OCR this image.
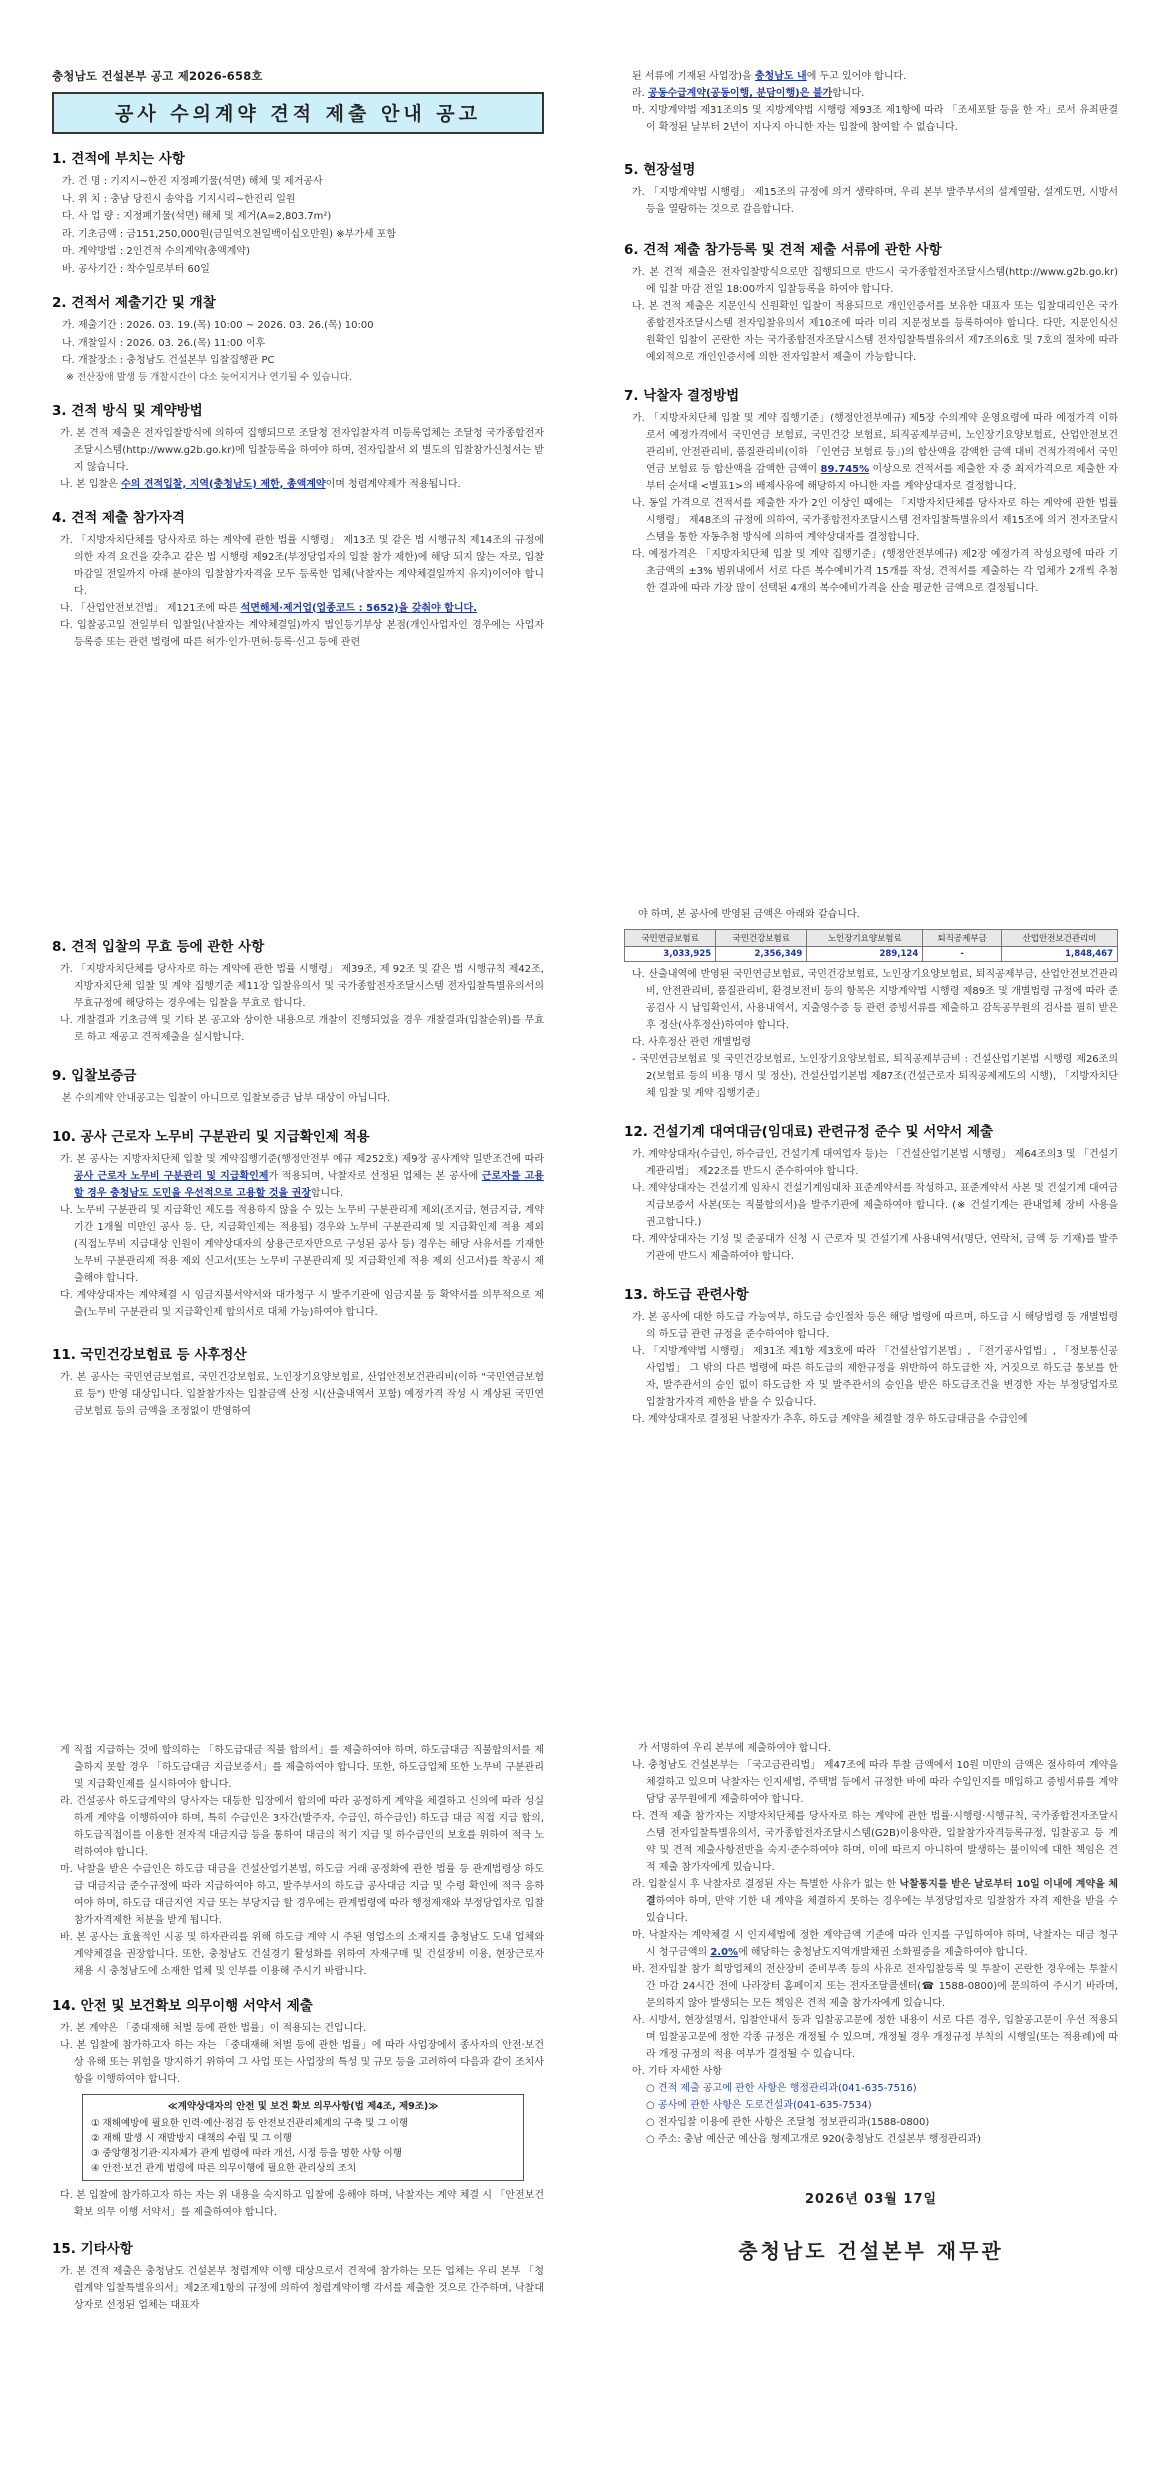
충청남도 건설본부 공고 제2026-658호
공사 수의계약 견적 제출 안내 공고
1. 견적에 부치는 사항
가. 건 명 : 기지시~한진 지정폐기물(석면) 해체 및 제거공사
나. 위 치 : 충남 당진시 송악읍 기지시리~한진리 일원
다. 사 업 량 : 지정폐기물(석면) 해체 및 제거(A=2,803.7m²)
라. 기초금액 : 금151,250,000원(금일억오천일백이십오만원) ※부가세 포함
마. 계약방법 : 2인견적 수의계약(총액계약)
바. 공사기간 : 착수일로부터 60일
2. 견적서 제출기간 및 개찰
가. 제출기간 : 2026. 03. 19.(목) 10:00 ~ 2026. 03. 26.(목) 10:00
나. 개찰일시 : 2026. 03. 26.(목) 11:00 이후
다. 개찰장소 : 충청남도 건설본부 입찰집행관 PC
※ 전산장애 발생 등 개찰시간이 다소 늦어지거나 연기될 수 있습니다.
3. 견적 방식 및 계약방법
가. 본 견적 제출은 전자입찰방식에 의하여 집행되므로 조달청 전자입찰자격 미등록업체는 조달청 국가종합전자조달시스템(http://www.g2b.go.kr)에 입찰등록을 하여야 하며, 전자입찰서 외 별도의 입찰참가신청서는 받지 않습니다.
나. 본 입찰은 수의 견적입찰, 지역(충청남도) 제한, 총액계약이며 청렴계약제가 적용됩니다.
4. 견적 제출 참가자격
가. 「지방자치단체를 당사자로 하는 계약에 관한 법률 시행령」 제13조 및 같은 법 시행규칙 제14조의 규정에 의한 자격 요건을 갖추고 같은 법 시행령 제92조(부정당업자의 입찰 참가 제한)에 해당 되지 않는 자로, 입찰마감일 전일까지 아래 분야의 입찰참가자격을 모두 등록한 업체(낙찰자는 계약체결일까지 유지)이어야 합니다.
나. 「산업안전보건법」 제121조에 따른 석면해체·제거업(업종코드 : 5652)을 갖춰야 합니다.
다. 입찰공고일 전일부터 입찰일(낙찰자는 계약체결일)까지 법인등기부상 본점(개인사업자인 경우에는 사업자등록증 또는 관련 법령에 따른 허가·인가·면허·등록·신고 등에 관련
된 서류에 기재된 사업장)을 충청남도 내에 두고 있어야 합니다.
라. 공동수급계약(공동이행, 분담이행)은 불가합니다.
마. 지방계약법 제31조의5 및 지방계약법 시행령 제93조 제1항에 따라 「조세포탈 등을 한 자」로서 유죄판결이 확정된 날부터 2년이 지나지 아니한 자는 입찰에 참여할 수 없습니다.
5. 현장설명
가. 「지방계약법 시행령」 제15조의 규정에 의거 생략하며, 우리 본부 발주부서의 설계열람, 설계도면, 시방서 등을 열람하는 것으로 갈음합니다.
6. 견적 제출 참가등록 및 견적 제출 서류에 관한 사항
가. 본 견적 제출은 전자입찰방식으로만 집행되므로 반드시 국가종합전자조달시스템(http://www.g2b.go.kr)에 입찰 마감 전일 18:00까지 입찰등록을 하여야 합니다.
나. 본 견적 제출은 지문인식 신원확인 입찰이 적용되므로 개인인증서를 보유한 대표자 또는 입찰대리인은 국가종합전자조달시스템 전자입찰유의서 제10조에 따라 미리 지문정보를 등록하여야 합니다. 다만, 지문인식신원확인 입찰이 곤란한 자는 국가종합전자조달시스템 전자입찰특별유의서 제7조의6호 및 7호의 절차에 따라 예외적으로 개인인증서에 의한 전자입찰서 제출이 가능합니다.
7. 낙찰자 결정방법
가. 「지방자치단체 입찰 및 계약 집행기준」(행정안전부예규) 제5장 수의계약 운영요령에 따라 예정가격 이하로서 예정가격에서 국민연금 보험료, 국민건강 보험료, 퇴직공제부금비, 노인장기요양보험료, 산업안전보건관리비, 안전관리비, 품질관리비(이하 「인연금 보험료 등」)의 합산액을 감액한 금액 대비 견적가격에서 국민연금 보험료 등 합산액을 감액한 금액이 89.745% 이상으로 견적서를 제출한 자 중 최저가격으로 제출한 자부터 순서대 <별표1>의 배제사유에 해당하지 아니한 자를 계약상대자로 결정합니다.
나. 동일 가격으로 견적서를 제출한 자가 2인 이상인 때에는 「지방자치단체를 당사자로 하는 계약에 관한 법률 시행령」 제48조의 규정에 의하여, 국가종합전자조달시스템 전자입찰특별유의서 제15조에 의거 전자조달시스템을 통한 자동추첨 방식에 의하여 계약상대자를 결정합니다.
다. 예정가격은 「지방자치단체 입찰 및 계약 집행기준」(행정안전부예규) 제2장 예정가격 작성요령에 따라 기초금액의 ±3% 범위내에서 서로 다른 복수예비가격 15개를 작성, 견적서를 제출하는 각 업체가 2개씩 추첨한 결과에 따라 가장 많이 선택된 4개의 복수예비가격을 산술 평균한 금액으로 결정됩니다.
8. 견적 입찰의 무효 등에 관한 사항
가. 「지방자치단체를 당사자로 하는 계약에 관한 법률 시행령」 제39조, 제 92조 및 같은 법 시행규칙 제42조, 지방자치단체 입찰 및 계약 집행기준 제11장 입찰유의서 및 국가종합전자조달시스템 전자입찰특별유의서의 무효규정에 해당하는 경우에는 입찰을 무효로 합니다.
나. 개찰결과 기초금액 및 기타 본 공고와 상이한 내용으로 개찰이 진행되었을 경우 개찰결과(입찰순위)를 무효로 하고 재공고 견적제출을 실시합니다.
9. 입찰보증금
본 수의계약 안내공고는 입찰이 아니므로 입찰보증금 납부 대상이 아닙니다.
10. 공사 근로자 노무비 구분관리 및 지급확인제 적용
가. 본 공사는 지방자치단체 입찰 및 계약집행기준(행정안전부 예규 제252호) 제9장 공사계약 일반조건에 따라 공사 근로자 노무비 구분관리 및 지급확인제가 적용되며, 낙찰자로 선정된 업체는 본 공사에 근로자를 고용할 경우 충청남도 도민을 우선적으로 고용할 것을 권장합니다.
나. 노무비 구분관리 및 지급확인 제도를 적용하지 않을 수 있는 노무비 구분관리제 제외(조지급, 현금지급, 계약기간 1개월 미만인 공사 등. 단, 지급확인제는 적용됨) 경우와 노무비 구분관리제 및 지급확인제 적용 제외(직접노무비 지급대상 인원이 계약상대자의 상용근로자만으로 구성된 공사 등) 경우는 해당 사유서를 기재한 노무비 구분관리제 적용 제외 신고서(또는 노무비 구분관리제 및 지급확인제 적용 제외 신고서)를 착공시 제출해야 합니다.
다. 계약상대자는 계약체결 시 임금지불서약서와 대가청구 시 발주기관에 임금지불 등 확약서를 의무적으로 제출(노무비 구분관리 및 지급확인제 합의서로 대체 가능)하여야 합니다.
11. 국민건강보험료 등 사후정산
가. 본 공사는 국민연금보험료, 국민건강보험료, 노인장기요양보험료, 산업안전보건관리비(이하 "국민연금보험료 등") 반영 대상입니다. 입찰참가자는 입찰금액 산정 시(산출내역서 포함) 예정가격 작성 시 계상된 국민연금보험료 등의 금액을 조정없이 반영하여
야 하며, 본 공사에 반영된 금액은 아래와 같습니다.
국민연금보험료	국민건강보험료	노인장기요양보험료	퇴직공제부금	산업안전보건관리비
3,033,925	2,356,349	289,124	-	1,848,467
나. 산출내역에 반영된 국민연금보험료, 국민건강보험료, 노인장기요양보험료, 퇴직공제부금, 산업안전보건관리비, 안전관리비, 품질관리비, 환경보전비 등의 항목은 지방계약법 시행령 제89조 및 개별법령 규정에 따라 준공검사 시 납입확인서, 사용내역서, 지출영수증 등 관련 증빙서류를 제출하고 감독공무원의 검사를 필히 받은 후 정산(사후정산)하여야 합니다.
다. 사후정산 관련 개별법령
- 국민연금보험료 및 국민건강보험료, 노인장기요양보험료, 퇴직공제부금비 : 건설산업기본법 시행령 제26조의2(보험료 등의 비용 명시 및 정산), 건설산업기본법 제87조(건설근로자 퇴직공제제도의 시행), 「지방자치단체 입찰 및 계약 집행기준」
12. 건설기계 대여대금(임대료) 관련규정 준수 및 서약서 제출
가. 계약상대자(수급인, 하수급인, 건설기계 대여업자 등)는 「건설산업기본법 시행령」 제64조의3 및 「건설기계관리법」 제22조를 반드시 준수하여야 합니다.
나. 계약상대자는 건설기계 임차시 건설기계임대차 표준계약서를 작성하고, 표준계약서 사본 및 건설기계 대여금 지급보증서 사본(또는 직불합의서)을 발주기관에 제출하여야 합니다. (※ 건설기계는 관내업체 장비 사용을 권고합니다.)
다. 계약상대자는 기성 및 준공대가 신청 시 근로자 및 건설기계 사용내역서(명단, 연락처, 금액 등 기재)를 발주기관에 반드시 제출하여야 합니다.
13. 하도급 관련사항
가. 본 공사에 대한 하도급 가능여부, 하도급 승인절차 등은 해당 법령에 따르며, 하도급 시 해당법령 등 개별법령의 하도급 관련 규정을 준수하여야 합니다.
나. 「지방계약법 시행령」 제31조 제1항 제3호에 따라 「건설산업기본법」, 「전기공사업법」, 「정보통신공사업법」 그 밖의 다른 법령에 따른 하도급의 제한규정을 위반하여 하도급한 자, 거짓으로 하도급 통보를 한 자, 발주관서의 승인 없이 하도급한 자 및 발주관서의 승인을 받은 하도급조건을 변경한 자는 부정당업자로 입찰참가자격 제한을 받을 수 있습니다.
다. 계약상대자로 결정된 낙찰자가 추후, 하도급 계약을 체결할 경우 하도급대금을 수급인에
게 직접 지급하는 것에 합의하는 「하도급대금 직불 합의서」를 제출하여야 하며, 하도급대금 직불합의서를 제출하지 못할 경우 「하도급대금 지급보증서」를 제출하여야 합니다. 또한, 하도급업체 또한 노무비 구분관리 및 지급확인제를 실시하여야 합니다.
라. 건설공사 하도급계약의 당사자는 대등한 입장에서 합의에 따라 공정하게 계약을 체결하고 신의에 따라 성실하게 계약을 이행하여야 하며, 특히 수급인은 3자간(발주자, 수급인, 하수급인) 하도급 대금 직접 지급 합의, 하도급직접이를 이용한 전자적 대금지급 등을 통하여 대금의 적기 지급 및 하수급인의 보호를 위하여 적극 노력하여야 합니다.
마. 낙찰을 받은 수급인은 하도급 대금을 건설산업기본법, 하도급 거래 공정화에 관한 법률 등 관계법령상 하도급 대금지급 준수규정에 따라 지급하여야 하고, 발주부서의 하도급 공사대금 지급 및 수령 확인에 적극 응하여야 하며, 하도급 대금지연 지급 또는 부당지급 할 경우에는 관계법령에 따라 행정제재와 부정당업자로 입찰참가자격제한 처분을 받게 됩니다.
바. 본 공사는 효율적인 시공 및 하자관리를 위해 하도급 계약 시 주된 영업소의 소재지를 충청남도 도내 업체와 계약체결을 권장합니다. 또한, 충청남도 건설경기 활성화를 위하여 자재구매 및 건설장비 이용, 현장근로자 채용 시 충청남도에 소재한 업체 및 인부를 이용해 주시기 바랍니다.
14. 안전 및 보건확보 의무이행 서약서 제출
가. 본 계약은 「중대재해 처벌 등에 관한 법률」이 적용되는 건입니다.
나. 본 입찰에 참가하고자 하는 자는 「중대재해 처벌 등에 관한 법률」에 따라 사업장에서 종사자의 안전·보건상 유해 또는 위험을 방지하기 위하여 그 사업 또는 사업장의 특성 및 규모 등을 고려하여 다음과 같이 조치사항을 이행하여야 합니다.
≪계약상대자의 안전 및 보건 확보 의무사항(법 제4조, 제9조)≫
① 재해예방에 필요한 인력·예산·점검 등 안전보건관리체계의 구축 및 그 이행
② 재해 발생 시 재발방지 대책의 수립 및 그 이행
③ 중앙행정기관·지자체가 관계 법령에 따라 개선, 시정 등을 명한 사항 이행
④ 안전·보건 관계 법령에 따른 의무이행에 필요한 관리상의 조치
다. 본 입찰에 참가하고자 하는 자는 위 내용을 숙지하고 입찰에 응해야 하며, 낙찰자는 계약 체결 시 「안전보건 확보 의무 이행 서약서」를 제출하여야 합니다.
15. 기타사항
가. 본 견적 제출은 충청남도 건설본부 청렴계약 이행 대상으로서 견적에 참가하는 모든 업체는 우리 본부 「청렴계약 입찰특별유의서」제2조제1항의 규정에 의하여 청렴계약이행 각서를 제출한 것으로 간주하며, 낙찰대상자로 선정된 업체는 대표자
가 서명하여 우리 본부에 제출하여야 합니다.
나. 충청남도 건설본부는 「국고금관리법」 제47조에 따라 투찰 금액에서 10원 미만의 금액은 절사하여 계약을 체결하고 있으며 낙찰자는 인지세법, 주택법 등에서 규정한 바에 따라 수입인지를 매입하고 증빙서류를 계약담당 공무원에게 제출하여야 합니다.
다. 견적 제출 참가자는 지방자치단체를 당사자로 하는 계약에 관한 법률·시행령·시행규칙, 국가종합전자조달시스템 전자입찰특별유의서, 국가종합전자조달시스템(G2B)이용약관, 입찰참가자격등록규정, 입찰공고 등 계약 및 견적 제출사항전반을 숙지·준수하여야 하며, 이에 따르지 아니하여 발생하는 불이익에 대한 책임은 견적 제출 참가자에게 있습니다.
라. 입찰실시 후 낙찰자로 결정된 자는 특별한 사유가 없는 한 낙찰통지를 받은 날로부터 10일 이내에 계약을 체결하여야 하며, 만약 기한 내 계약을 체결하지 못하는 경우에는 부정당업자로 입찰참가 자격 제한을 받을 수 있습니다.
마. 낙찰자는 계약체결 시 인지세법에 정한 계약금액 기준에 따라 인지를 구입하여야 하며, 낙찰자는 대금 청구 시 청구금액의 2.0%에 해당하는 충청남도지역개발채권 소화필증을 제출하여야 합니다.
바. 전자입찰 참가 희망업체의 전산장비 준비부족 등의 사유로 전자입찰등록 및 투찰이 곤란한 경우에는 투찰시간 마감 24시간 전에 나라장터 홈페이지 또는 전자조달콜센터(☎ 1588-0800)에 문의하여 주시기 바라며, 문의하지 않아 발생되는 모든 책임은 견적 제출 참가자에게 있습니다.
사. 시방서, 현장설명서, 입찰안내서 등과 입찰공고문에 정한 내용이 서로 다른 경우, 입찰공고문이 우선 적용되며 입찰공고문에 정한 각종 규정은 개정될 수 있으며, 개정될 경우 개정규정 부칙의 시행일(또는 적용례)에 따라 개정 규정의 적용 여부가 결정될 수 있습니다.
아. 기타 자세한 사항
○ 견적 제출 공고에 관한 사항은 행정관리과(041-635-7516)
○ 공사에 관한 사항은 도로건설과(041-635-7534)
○ 전자입찰 이용에 관한 사항은 조달청 정보관리과(1588-0800)
○ 주소: 충남 예산군 예산읍 형제고개로 920(충청남도 건설본부 행정관리과)
2026년 03월 17일
충청남도 건설본부 재무관
